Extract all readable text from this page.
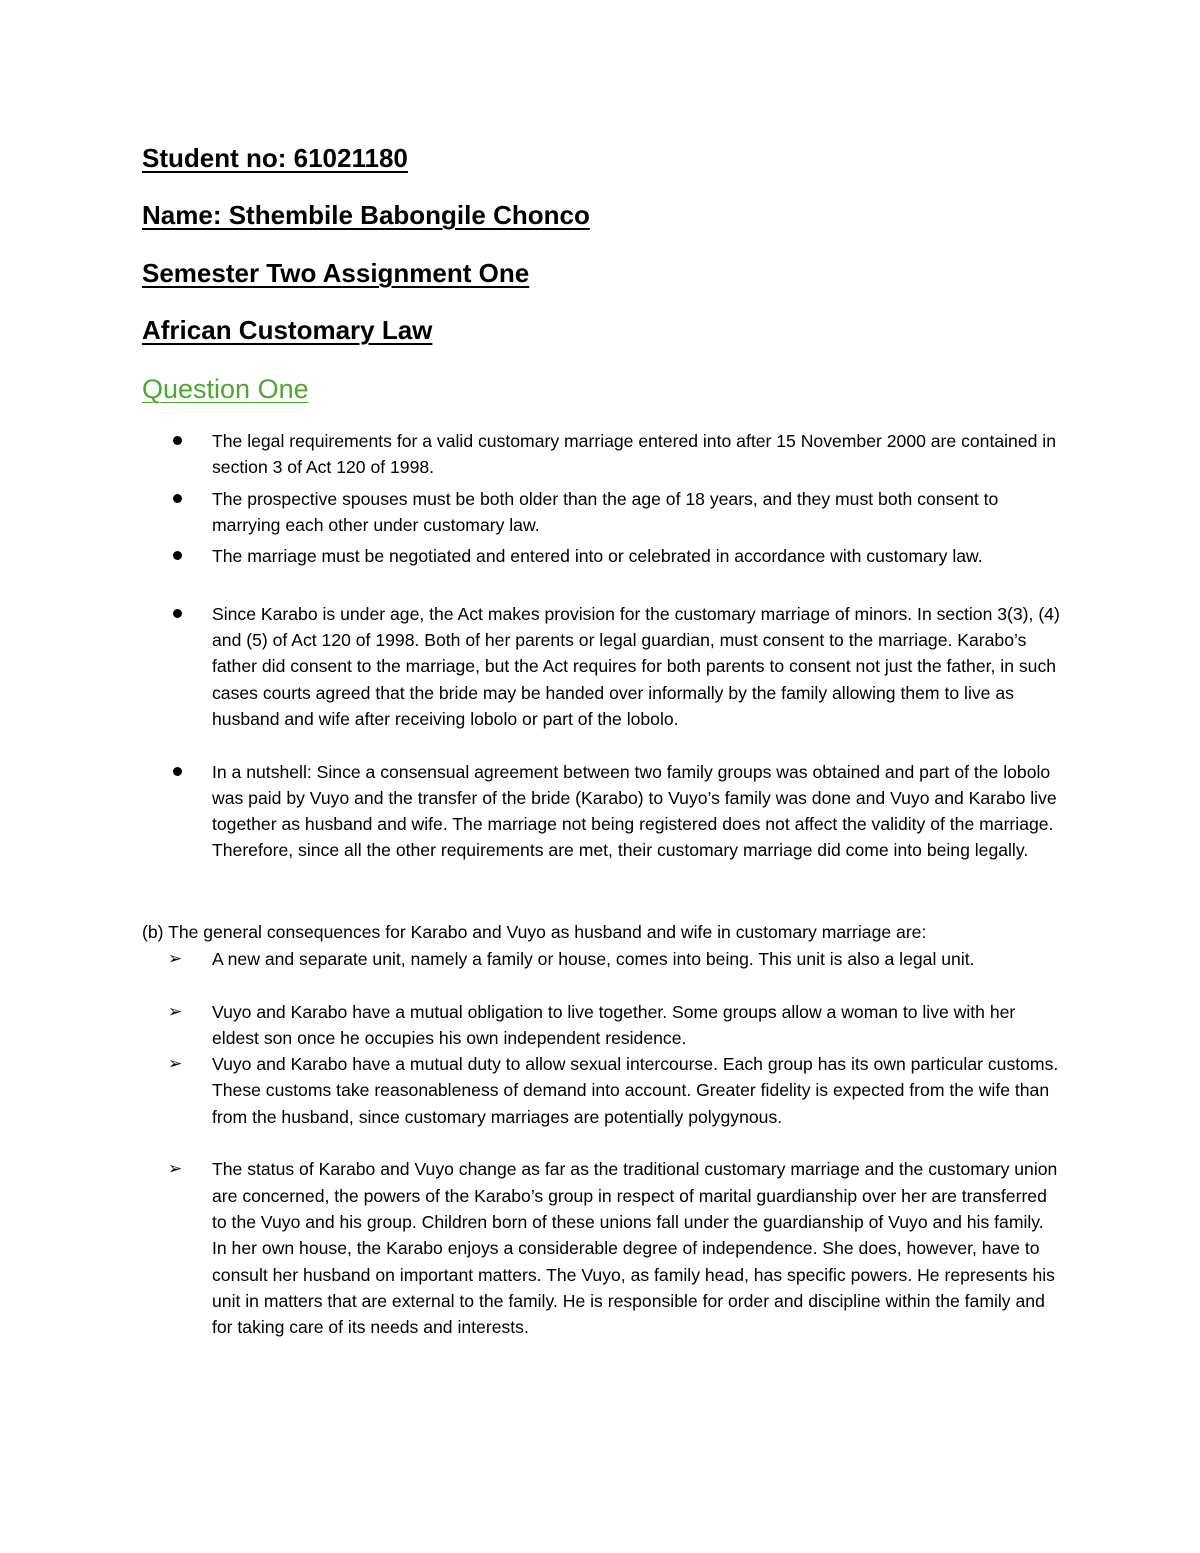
Student no: 61021180
Name: Sthembile Babongile Chonco
Semester Two Assignment One
African Customary Law
Question One
The legal requirements for a valid customary marriage entered into after 15 November 2000 are contained in section 3 of Act 120 of 1998.
The prospective spouses must be both older than the age of 18 years, and they must both consent to marrying each other under customary law.
The marriage must be negotiated and entered into or celebrated in accordance with customary law.
Since Karabo is under age, the Act makes provision for the customary marriage of minors. In section 3(3), (4) and (5) of Act 120 of 1998. Both of her parents or legal guardian, must consent to the marriage. Karabo’s father did consent to the marriage, but the Act requires for both parents to consent not just the father, in such cases courts agreed that the bride may be handed over informally by the family allowing them to live as husband and wife after receiving lobolo or part of the lobolo.
In a nutshell: Since a consensual agreement between two family groups was obtained and part of the lobolo was paid by Vuyo and the transfer of the bride (Karabo) to Vuyo’s family was done and Vuyo and Karabo live together as husband and wife. The marriage not being registered does not affect the validity of the marriage. Therefore, since all the other requirements are met, their customary marriage did come into being legally.

(b) The general consequences for Karabo and Vuyo as husband and wife in customary marriage are:

➢ A new and separate unit, namely a family or house, comes into being. This unit is also a legal unit.
➢ Vuyo and Karabo have a mutual obligation to live together. Some groups allow a woman to live with her eldest son once he occupies his own independent residence.
➢ Vuyo and Karabo have a mutual duty to allow sexual intercourse. Each group has its own particular customs. These customs take reasonableness of demand into account. Greater fidelity is expected from the wife than from the husband, since customary marriages are potentially polygynous.
➢ The status of Karabo and Vuyo change as far as the traditional customary marriage and the customary union are concerned, the powers of the Karabo’s group in respect of marital guardianship over her are transferred to the Vuyo and his group. Children born of these unions fall under the guardianship of Vuyo and his family. In her own house, the Karabo enjoys a considerable degree of independence. She does, however, have to consult her husband on important matters. The Vuyo, as family head, has specific powers. He represents his unit in matters that are external to the family. He is responsible for order and discipline within the family and for taking care of its needs and interests.
